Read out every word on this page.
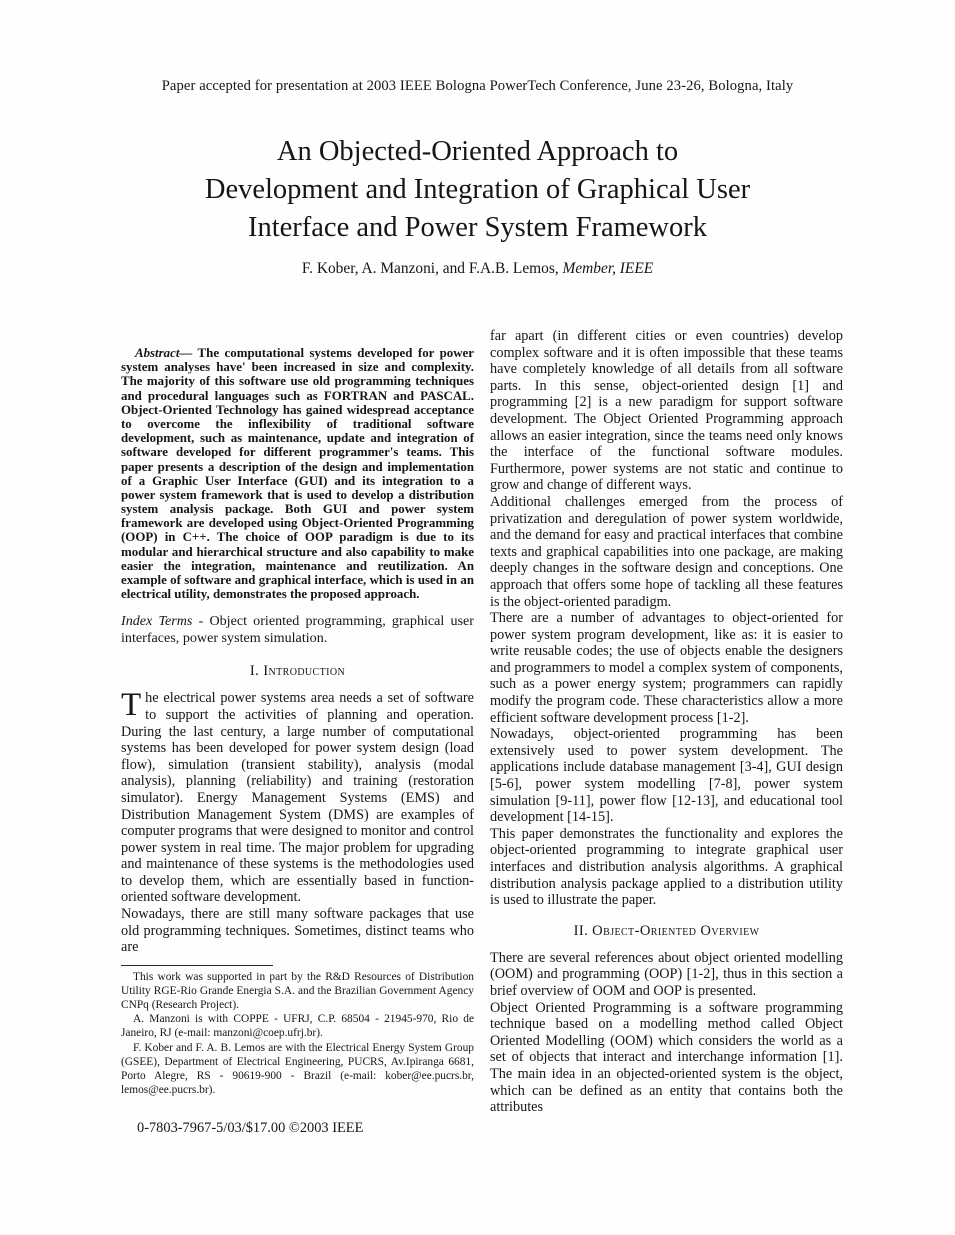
Paper accepted for presentation at 2003 IEEE Bologna PowerTech Conference, June 23-26, Bologna, Italy
An Objected-Oriented Approach to
Development and Integration of Graphical User
Interface and Power System Framework
F. Kober, A. Manzoni, and F.A.B. Lemos, Member, IEEE

Abstract— The computational systems developed for power system analyses have' been increased in size and complexity. The majority of this software use old programming techniques and procedural languages such as FORTRAN and PASCAL. Object-Oriented Technology has gained widespread acceptance to overcome the inflexibility of traditional software development, such as maintenance, update and integration of software developed for different programmer's teams. This paper presents a description of the design and implementation of a Graphic User Interface (GUI) and its integration to a power system framework that is used to develop a distribution system analysis package. Both GUI and power system framework are developed using Object-Oriented Programming (OOP) in C++. The choice of OOP paradigm is due to its modular and hierarchical structure and also capability to make easier the integration, maintenance and reutilization. An example of software and graphical interface, which is used in an electrical utility, demonstrates the proposed approach.

Index Terms - Object oriented programming, graphical user interfaces, power system simulation.

I. Introduction

The electrical power systems area needs a set of software to support the activities of planning and operation. During the last century, a large number of computational systems has been developed for power system design (load flow), simulation (transient stability), analysis (modal analysis), planning (reliability) and training (restoration simulator). Energy Management Systems (EMS) and Distribution Management System (DMS) are examples of computer programs that were designed to monitor and control power system in real time. The major problem for upgrading and maintenance of these systems is the methodologies used to develop them, which are essentially based in function-oriented software development.

Nowadays, there are still many software packages that use old programming techniques. Sometimes, distinct teams who are

This work was supported in part by the R&D Resources of Distribution Utility RGE-Rio Grande Energia S.A. and the Brazilian Government Agency CNPq (Research Project).

A. Manzoni is with COPPE - UFRJ, C.P. 68504 - 21945-970, Rio de Janeiro, RJ (e-mail: manzoni@coep.ufrj.br).

F. Kober and F. A. B. Lemos are with the Electrical Energy System Group (GSEE), Department of Electrical Engineering, PUCRS, Av.Ipiranga 6681, Porto Alegre, RS - 90619-900 - Brazil (e-mail: kober@ee.pucrs.br, lemos@ee.pucrs.br).

far apart (in different cities or even countries) develop complex software and it is often impossible that these teams have completely knowledge of all details from all software parts. In this sense, object-oriented design [1] and programming [2] is a new paradigm for support software development. The Object Oriented Programming approach allows an easier integration, since the teams need only knows the interface of the functional software modules. Furthermore, power systems are not static and continue to grow and change of different ways.

Additional challenges emerged from the process of privatization and deregulation of power system worldwide, and the demand for easy and practical interfaces that combine texts and graphical capabilities into one package, are making deeply changes in the software design and conceptions. One approach that offers some hope of tackling all these features is the object-oriented paradigm.

There are a number of advantages to object-oriented for power system program development, like as: it is easier to write reusable codes; the use of objects enable the designers and programmers to model a complex system of components, such as a power energy system; programmers can rapidly modify the program code. These characteristics allow a more efficient software development process [1-2].

Nowadays, object-oriented programming has been extensively used to power system development. The applications include database management [3-4], GUI design [5-6], power system modelling [7-8], power system simulation [9-11], power flow [12-13], and educational tool development [14-15].

This paper demonstrates the functionality and explores the object-oriented programming to integrate graphical user interfaces and distribution analysis algorithms. A graphical distribution analysis package applied to a distribution utility is used to illustrate the paper.

II. Object-Oriented Overview

There are several references about object oriented modelling (OOM) and programming (OOP) [1-2], thus in this section a brief overview of OOM and OOP is presented.

Object Oriented Programming is a software programming technique based on a modelling method called Object Oriented Modelling (OOM) which considers the world as a set of objects that interact and interchange information [1]. The main idea in an objected-oriented system is the object, which can be defined as an entity that contains both the attributes

0-7803-7967-5/03/$17.00 ©2003 IEEE
